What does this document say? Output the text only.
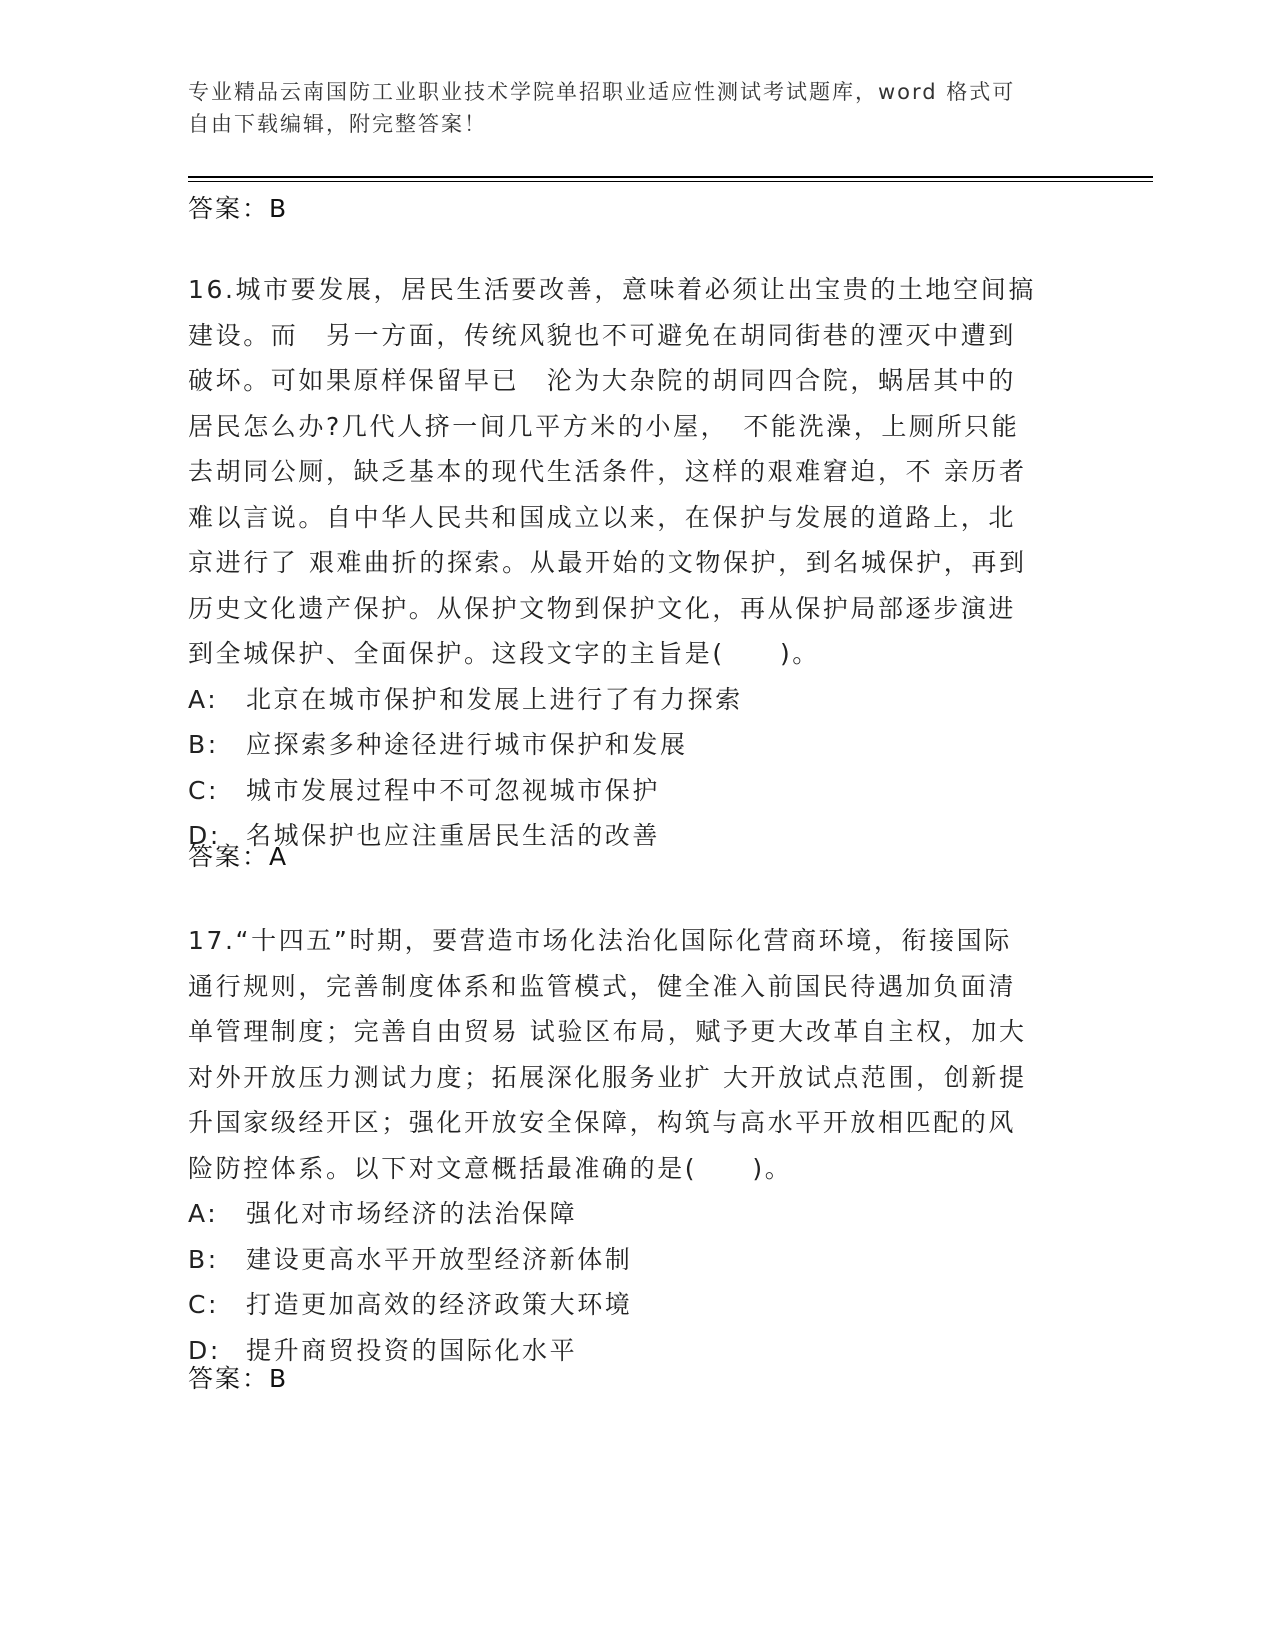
专业精品云南国防工业职业技术学院单招职业适应性测试考试题库，word 格式可
自由下载编辑，附完整答案！
答案：B
16.城市要发展，居民生活要改善，意味着必须让出宝贵的土地空间搞
建设。而　另一方面，传统风貌也不可避免在胡同街巷的湮灭中遭到
破坏。可如果原样保留早已　沦为大杂院的胡同四合院，蜗居其中的
居民怎么办?几代人挤一间几平方米的小屋，　不能洗澡，上厕所只能
去胡同公厕，缺乏基本的现代生活条件，这样的艰难窘迫，不 亲历者
难以言说。自中华人民共和国成立以来，在保护与发展的道路上，北
京进行了 艰难曲折的探索。从最开始的文物保护，到名城保护，再到
历史文化遗产保护。从保护文物到保护文化，再从保护局部逐步演进
到全城保护、全面保护。这段文字的主旨是(　　)。
A: 北京在城市保护和发展上进行了有力探索
B: 应探索多种途径进行城市保护和发展
C: 城市发展过程中不可忽视城市保护
D: 名城保护也应注重居民生活的改善
答案：A
17.“十四五”时期，要营造市场化法治化国际化营商环境，衔接国际
通行规则，完善制度体系和监管模式，健全准入前国民待遇加负面清
单管理制度；完善自由贸易 试验区布局，赋予更大改革自主权，加大
对外开放压力测试力度；拓展深化服务业扩 大开放试点范围，创新提
升国家级经开区；强化开放安全保障，构筑与高水平开放相匹配的风
险防控体系。以下对文意概括最准确的是(　　)。
A: 强化对市场经济的法治保障
B: 建设更高水平开放型经济新体制
C: 打造更加高效的经济政策大环境
D: 提升商贸投资的国际化水平
答案：B
